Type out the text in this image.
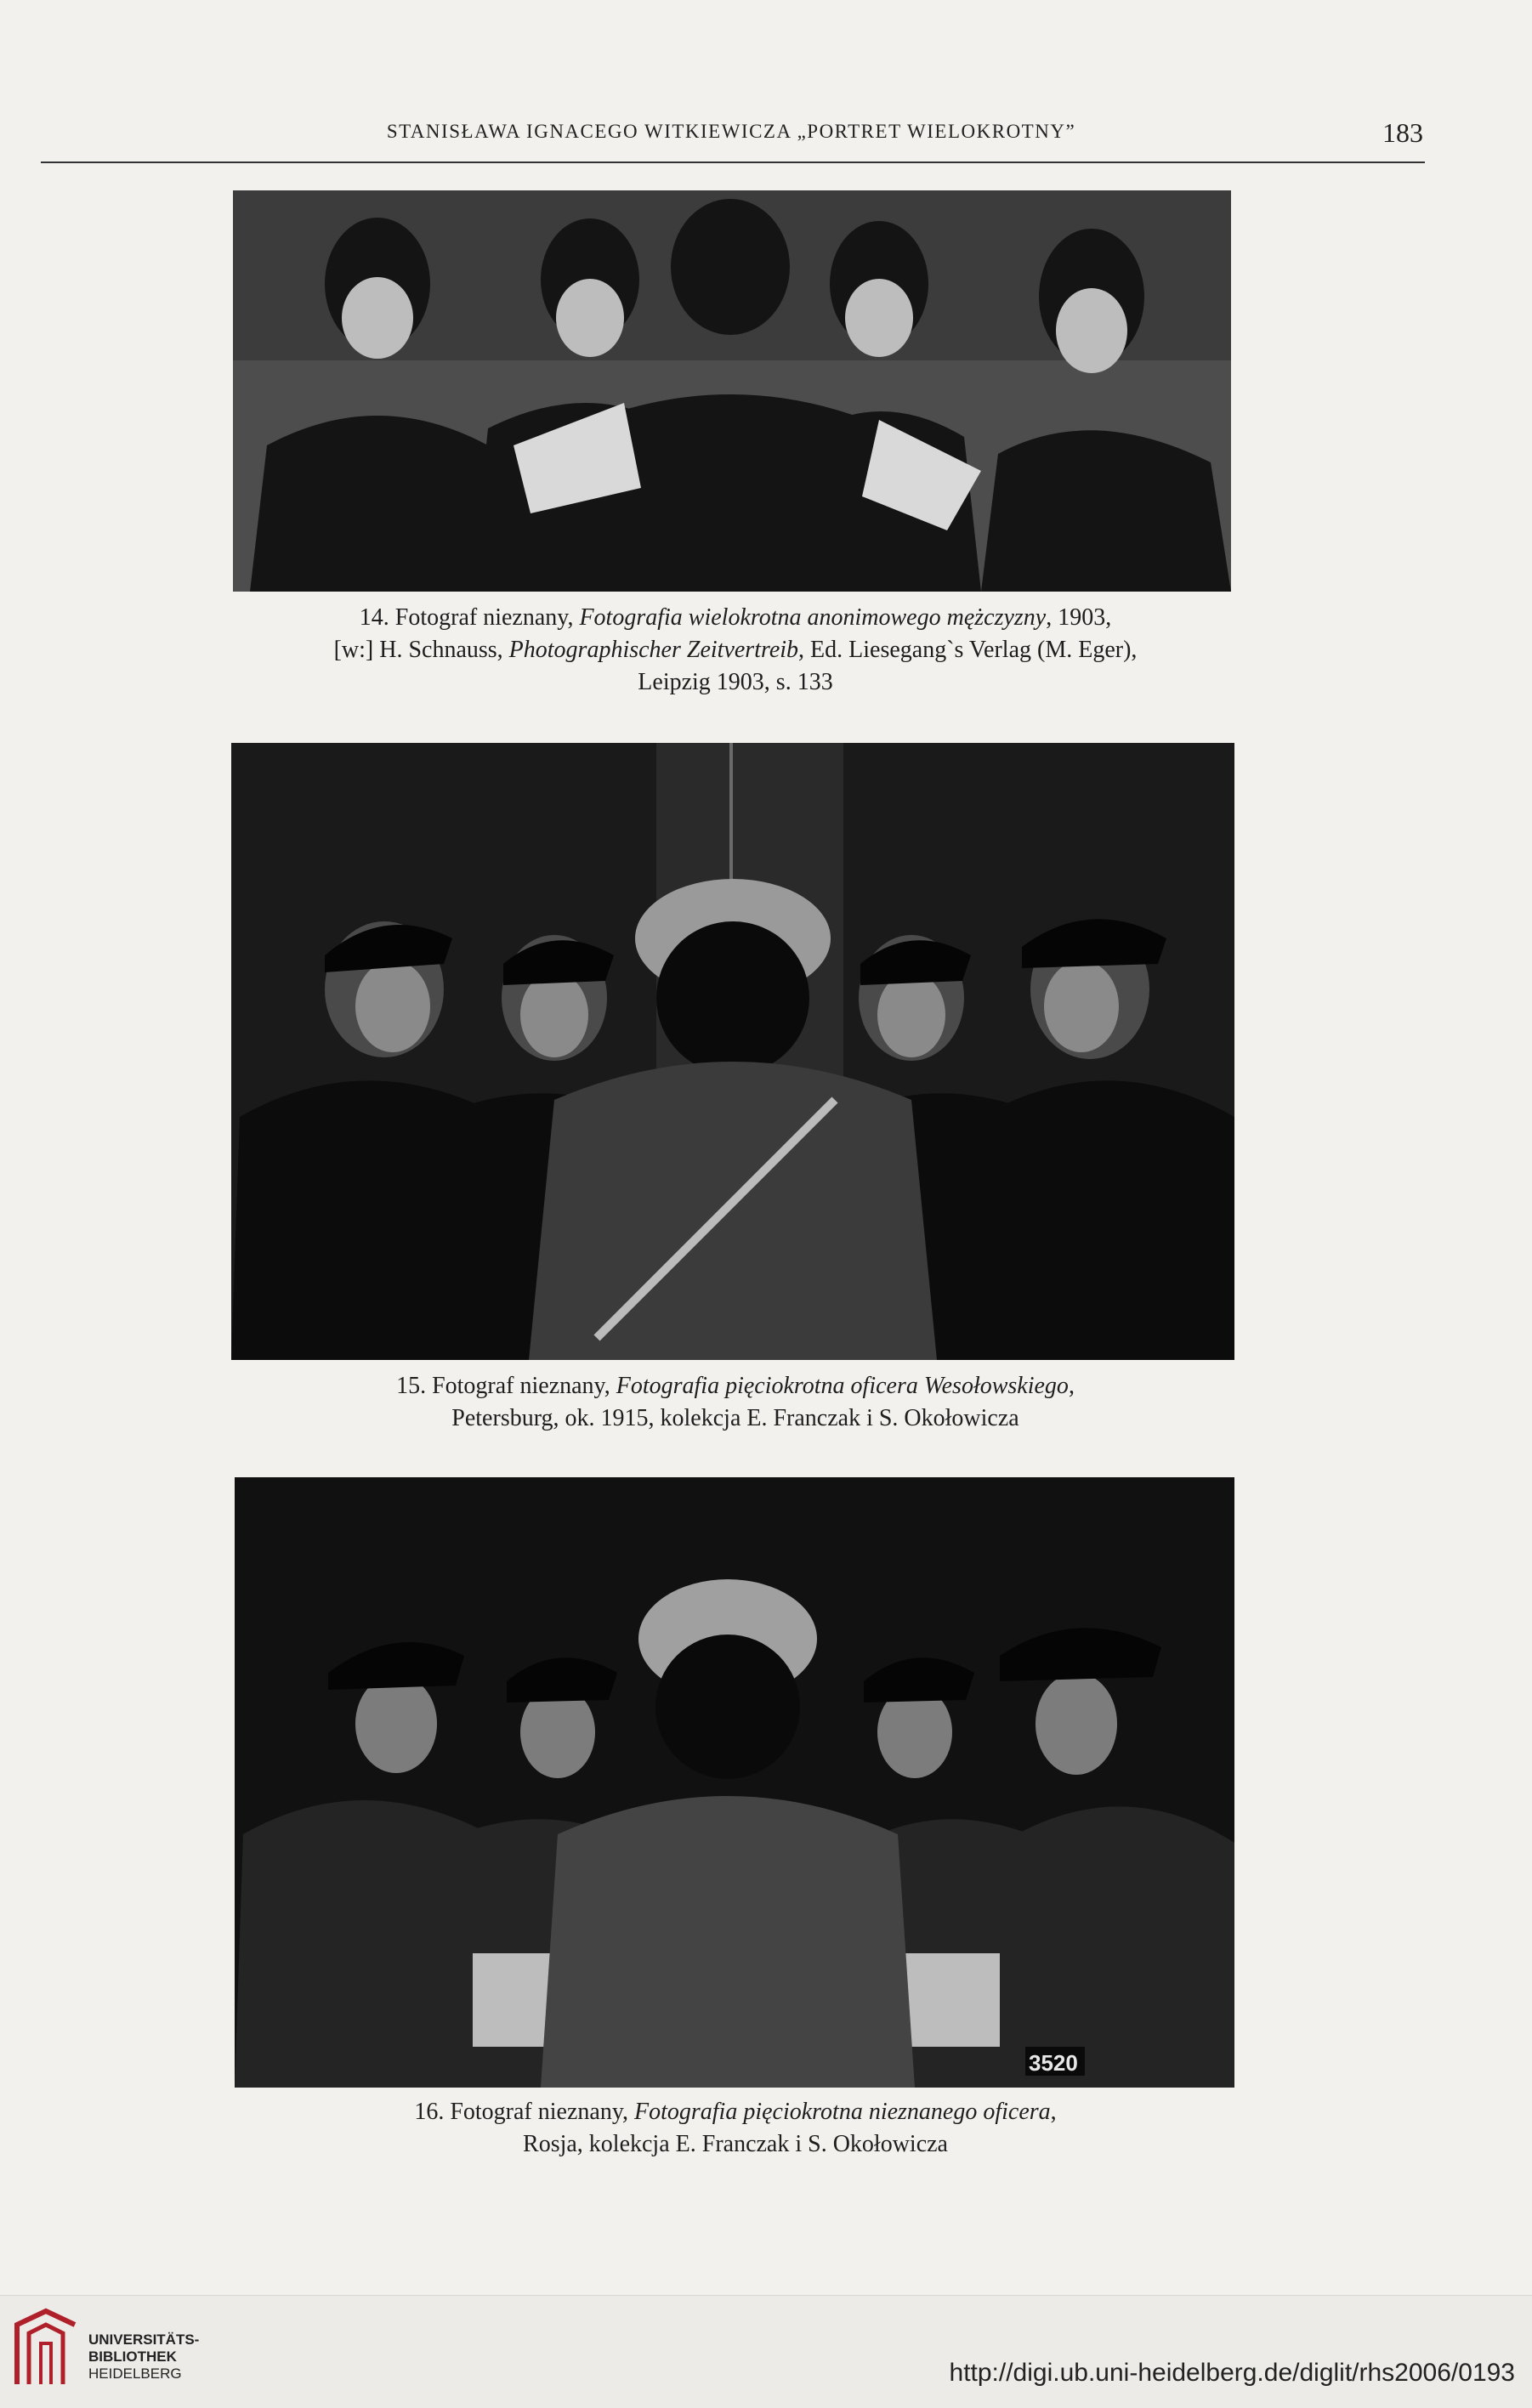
STANISŁAWA IGNACEGO WITKIEWICZA „PORTRET WIELOKROTNY”	183
14. Fotograf nieznany, Fotografia wielokrotna anonimowego mężczyzny, 1903,
[w:] H. Schnauss, Photographischer Zeitvertreib, Ed. Liesegang`s Verlag (M. Eger),
Leipzig 1903, s. 133
15. Fotograf nieznany, Fotografia pięciokrotna oficera Wesołowskiego,
Petersburg, ok. 1915, kolekcja E. Franczak i S. Okołowicza
3520
16. Fotograf nieznany, Fotografia pięciokrotna nieznanego oficera,
Rosja, kolekcja E. Franczak i S. Okołowicza
UNIVERSITÄTS-
BIBLIOTHEK
HEIDELBERG	http://digi.ub.uni-heidelberg.de/diglit/rhs2006/0193
